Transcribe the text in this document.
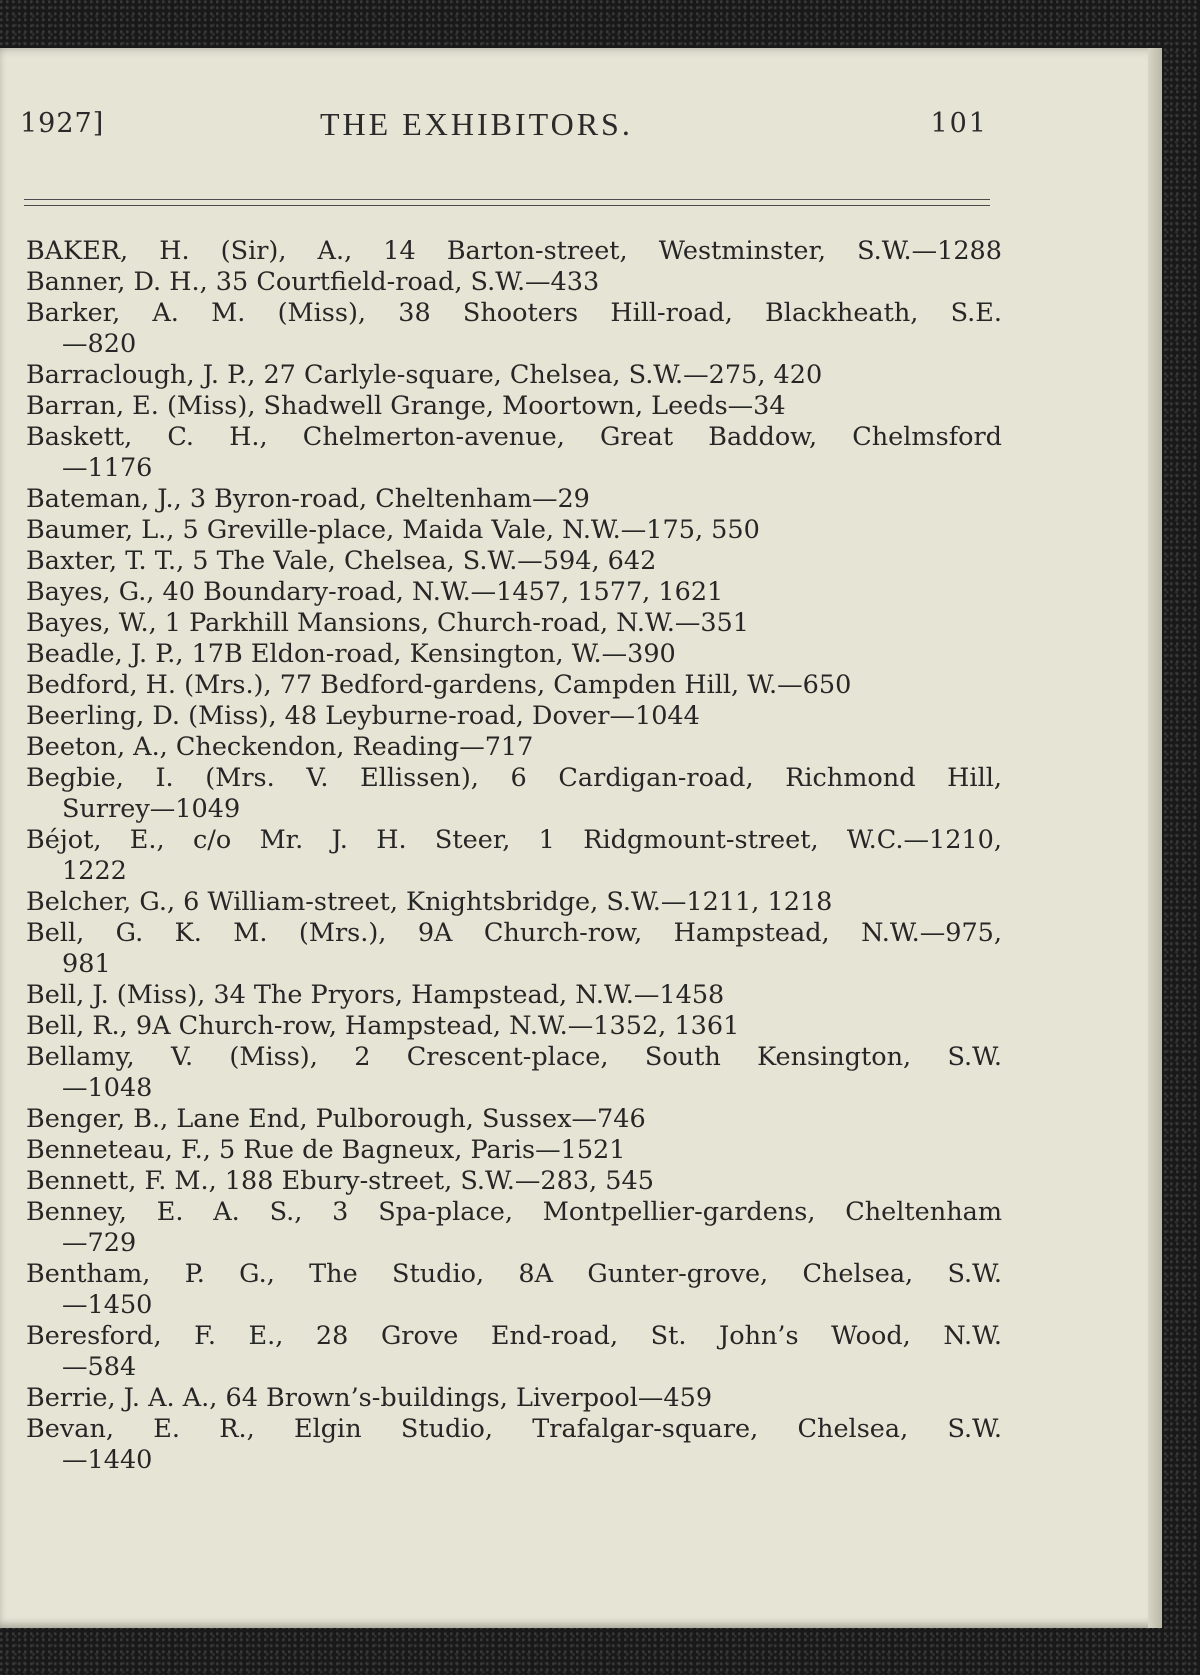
1927]	THE EXHIBITORS.	101
BAKER, H. (Sir), A., 14 Barton-street, Westminster, S.W.—1288
Banner, D. H., 35 Courtfield-road, S.W.—433
Barker, A. M. (Miss), 38 Shooters Hill-road, Blackheath, S.E.
—820
Barraclough, J. P., 27 Carlyle-square, Chelsea, S.W.—275, 420
Barran, E. (Miss), Shadwell Grange, Moortown, Leeds—34
Baskett, C. H., Chelmerton-avenue, Great Baddow, Chelmsford
—1176
Bateman, J., 3 Byron-road, Cheltenham—29
Baumer, L., 5 Greville-place, Maida Vale, N.W.—175, 550
Baxter, T. T., 5 The Vale, Chelsea, S.W.—594, 642
Bayes, G., 40 Boundary-road, N.W.—1457, 1577, 1621
Bayes, W., 1 Parkhill Mansions, Church-road, N.W.—351
Beadle, J. P., 17B Eldon-road, Kensington, W.—390
Bedford, H. (Mrs.), 77 Bedford-gardens, Campden Hill, W.—650
Beerling, D. (Miss), 48 Leyburne-road, Dover—1044
Beeton, A., Checkendon, Reading—717
Begbie, I. (Mrs. V. Ellissen), 6 Cardigan-road, Richmond Hill,
Surrey—1049
Béjot, E., c/o Mr. J. H. Steer, 1 Ridgmount-street, W.C.—1210,
1222
Belcher, G., 6 William-street, Knightsbridge, S.W.—1211, 1218
Bell, G. K. M. (Mrs.), 9A Church-row, Hampstead, N.W.—975,
981
Bell, J. (Miss), 34 The Pryors, Hampstead, N.W.—1458
Bell, R., 9A Church-row, Hampstead, N.W.—1352, 1361
Bellamy, V. (Miss), 2 Crescent-place, South Kensington, S.W.
—1048
Benger, B., Lane End, Pulborough, Sussex—746
Benneteau, F., 5 Rue de Bagneux, Paris—1521
Bennett, F. M., 188 Ebury-street, S.W.—283, 545
Benney, E. A. S., 3 Spa-place, Montpellier-gardens, Cheltenham
—729
Bentham, P. G., The Studio, 8A Gunter-grove, Chelsea, S.W.
—1450
Beresford, F. E., 28 Grove End-road, St. John’s Wood, N.W.
—584
Berrie, J. A. A., 64 Brown’s-buildings, Liverpool—459
Bevan, E. R., Elgin Studio, Trafalgar-square, Chelsea, S.W.
—1440
